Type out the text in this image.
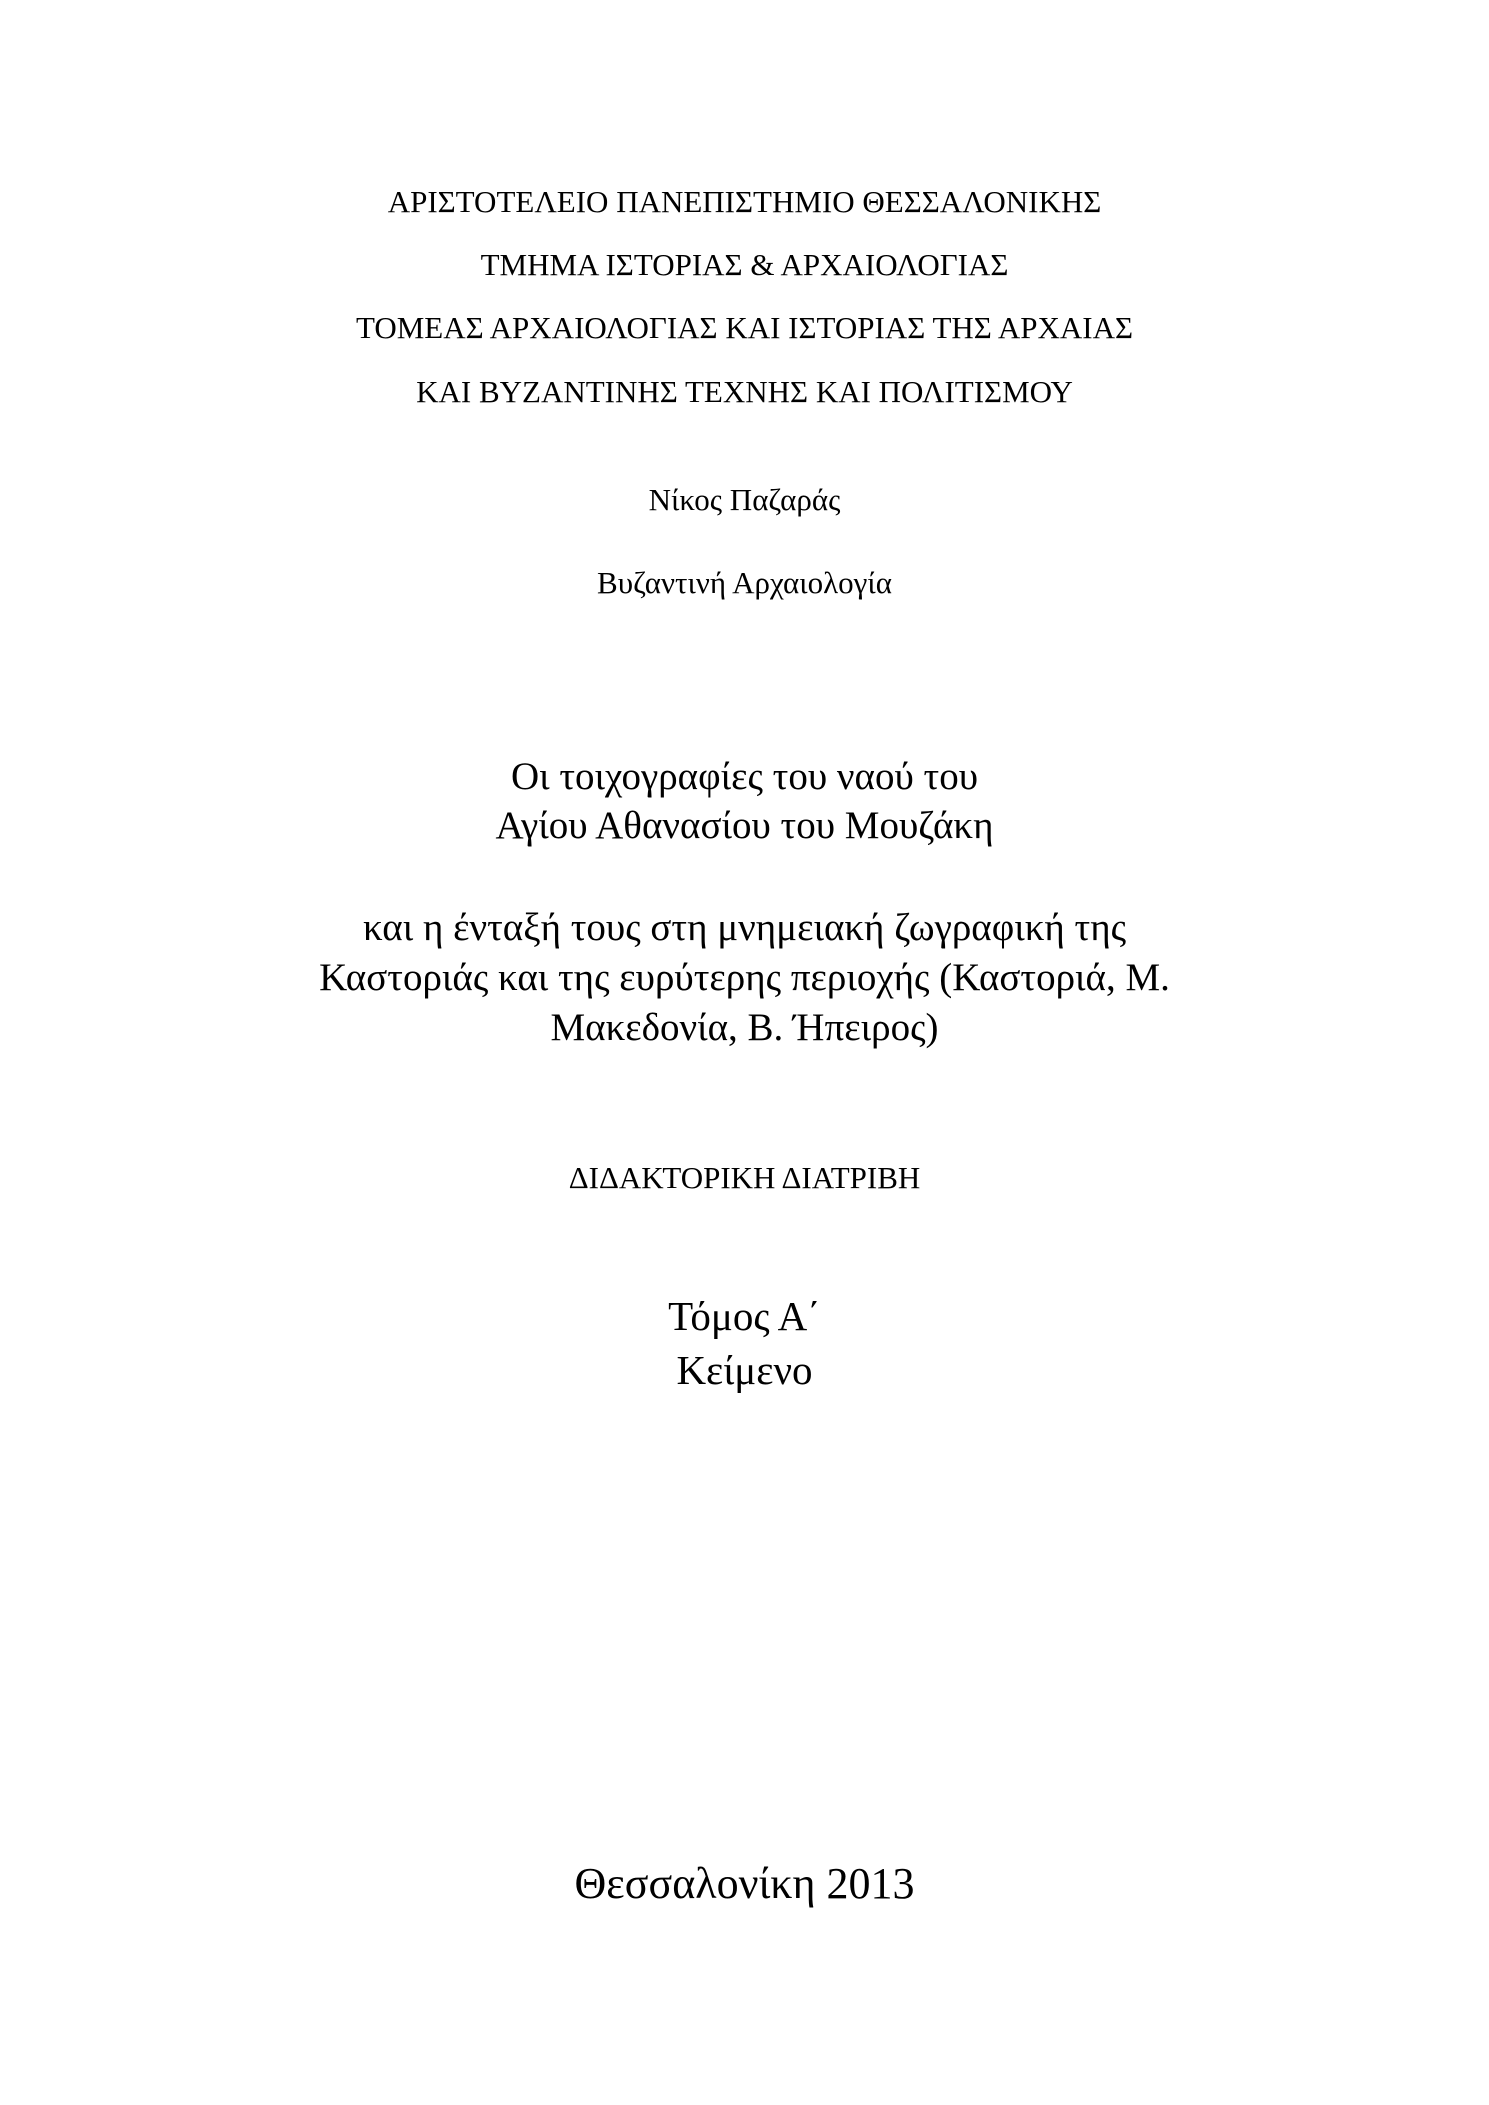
ΑΡΙΣΤΟΤΕΛΕΙΟ ΠΑΝΕΠΙΣΤΗΜΙΟ ΘΕΣΣΑΛΟΝΙΚΗΣ
ΤΜΗΜΑ ΙΣΤΟΡΙΑΣ & ΑΡΧΑΙΟΛΟΓΙΑΣ
ΤΟΜΕΑΣ ΑΡΧΑΙΟΛΟΓΙΑΣ ΚΑΙ ΙΣΤΟΡΙΑΣ ΤΗΣ ΑΡΧΑΙΑΣ
ΚΑΙ ΒΥΖΑΝΤΙΝΗΣ ΤΕΧΝΗΣ ΚΑΙ ΠΟΛΙΤΙΣΜΟΥ
Νίκος Παζαράς
Βυζαντινή Αρχαιολογία
Οι τοιχογραφίες του ναού του
Αγίου Αθανασίου του Μουζάκη
και η ένταξή τους στη μνημειακή ζωγραφική της
Καστοριάς και της ευρύτερης περιοχής (Καστοριά, Μ.
Μακεδονία, Β. Ήπειρος)
ΔΙΔΑΚΤΟΡΙΚΗ ΔΙΑΤΡΙΒΗ
Τόμος Α΄
Κείμενο
Θεσσαλονίκη 2013
